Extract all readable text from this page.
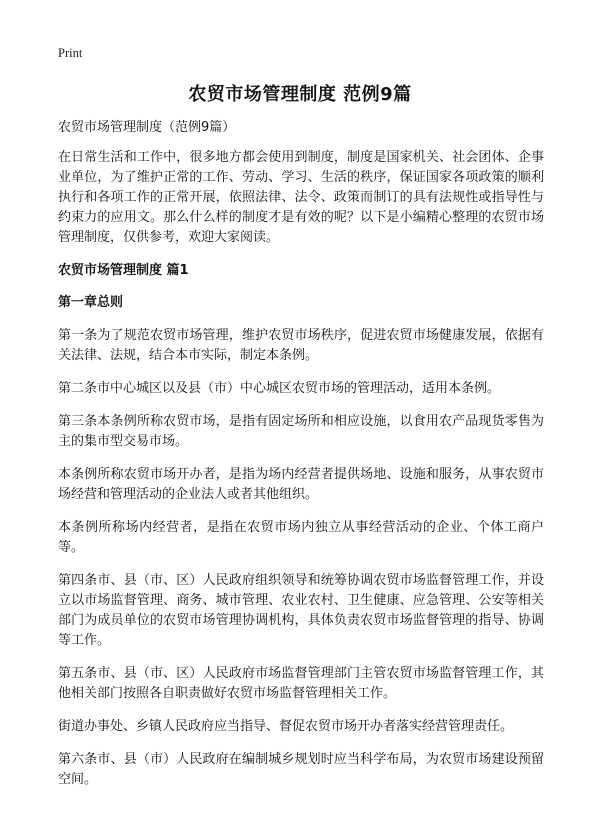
Print
农贸市场管理制度 范例9篇

农贸市场管理制度（范例9篇）

在日常生活和工作中，很多地方都会使用到制度，制度是国家机关、社会团体、企事业单位，为了维护正常的工作、劳动、学习、生活的秩序，保证国家各项政策的顺利执行和各项工作的正常开展，依照法律、法令、政策而制订的具有法规性或指导性与约束力的应用文。那么什么样的制度才是有效的呢？以下是小编精心整理的农贸市场管理制度，仅供参考，欢迎大家阅读。

农贸市场管理制度 篇1

第一章总则

第一条为了规范农贸市场管理，维护农贸市场秩序，促进农贸市场健康发展，依据有关法律、法规，结合本市实际，制定本条例。

第二条市中心城区以及县（市）中心城区农贸市场的管理活动，适用本条例。

第三条本条例所称农贸市场，是指有固定场所和相应设施，以食用农产品现货零售为主的集市型交易市场。

本条例所称农贸市场开办者，是指为场内经营者提供场地、设施和服务，从事农贸市场经营和管理活动的企业法人或者其他组织。

本条例所称场内经营者，是指在农贸市场内独立从事经营活动的企业、个体工商户等。

第四条市、县（市、区）人民政府组织领导和统筹协调农贸市场监督管理工作，并设立以市场监督管理、商务、城市管理、农业农村、卫生健康、应急管理、公安等相关部门为成员单位的农贸市场管理协调机构，具体负责农贸市场监督管理的指导、协调等工作。

第五条市、县（市、区）人民政府市场监督管理部门主管农贸市场监督管理工作，其他相关部门按照各自职责做好农贸市场监督管理相关工作。

街道办事处、乡镇人民政府应当指导、督促农贸市场开办者落实经营管理责任。

第六条市、县（市）人民政府在编制城乡规划时应当科学布局，为农贸市场建设预留空间。
